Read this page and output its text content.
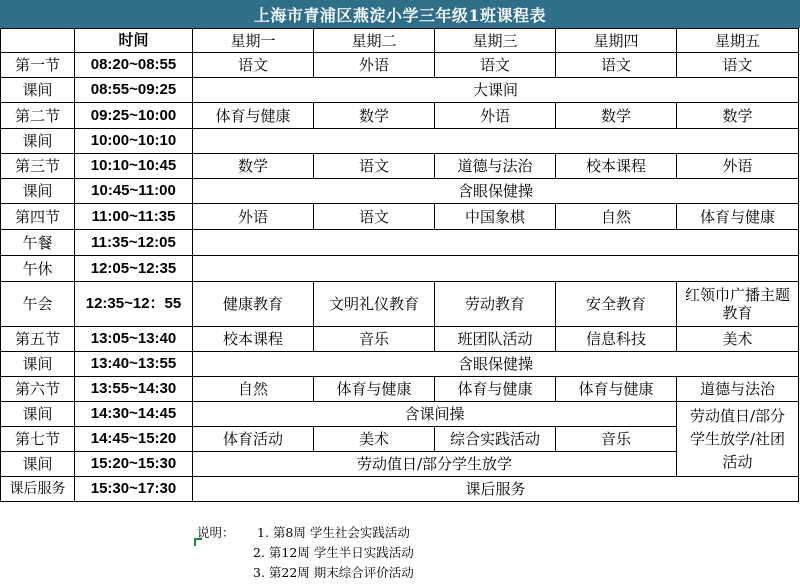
上海市青浦区燕淀小学三年级1班课程表
	时间	星期一	星期二	星期三	星期四	星期五
第一节	08:20~08:55	语文	外语	语文	语文	语文
课间	08:55~09:25	大课间				
第二节	09:25~10:00	体育与健康	数学	外语	数学	数学
课间	10:00~10:10					
第三节	10:10~10:45	数学	语文	道德与法治	校本课程	外语
课间	10:45~11:00	含眼保健操				
第四节	11:00~11:35	外语	语文	中国象棋	自然	体育与健康
午餐	11:35~12:05					
午休	12:05~12:35					
午会	12:35~12：55	健康教育	文明礼仪教育	劳动教育	安全教育	红领巾广播主题教育
第五节	13:05~13:40	校本课程	音乐	班团队活动	信息科技	美术
课间	13:40~13:55	含眼保健操				
第六节	13:55~14:30	自然	体育与健康	体育与健康	体育与健康	道德与法治
课间	14:30~14:45	含课间操				劳动值日/部分学生放学/社团活动
第七节	14:45~15:20	体育活动	美术	综合实践活动	音乐	
课间	15:20~15:30	劳动值日/部分学生放学				
课后服务	15:30~17:30	课后服务				
说明： 1. 第8周 学生社会实践活动
2. 第12周 学生半日实践活动
3. 第22周 期末综合评价活动
